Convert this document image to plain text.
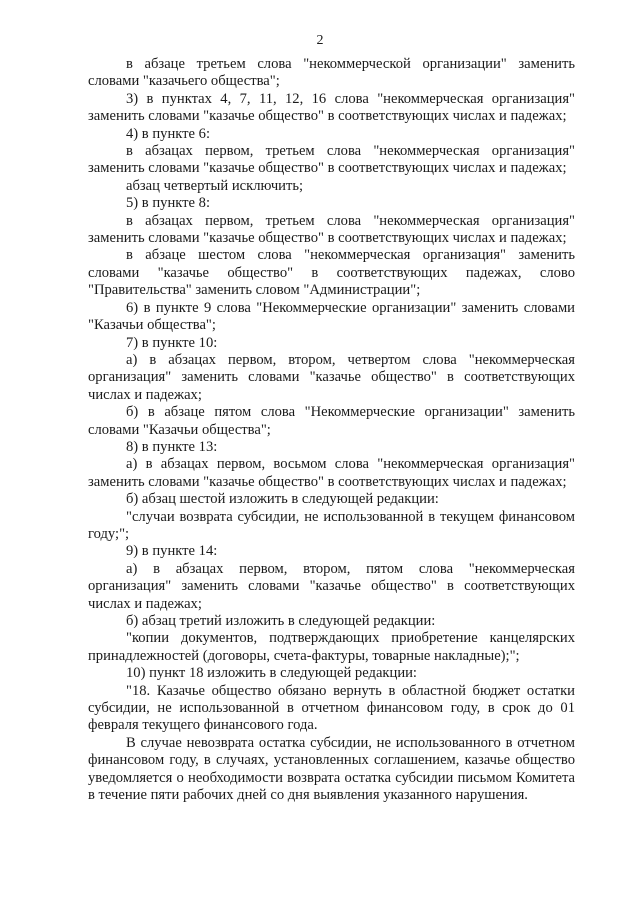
2

в абзаце третьем слова "некоммерческой организации" заменить словами "казачьего общества";

3) в пунктах 4, 7, 11, 12, 16 слова "некоммерческая организация" заменить словами "казачье общество" в соответствующих числах и падежах;

4) в пункте 6:

в абзацах первом, третьем слова "некоммерческая организация" заменить словами "казачье общество" в соответствующих числах и падежах;

абзац четвертый исключить;

5) в пункте 8:

в абзацах первом, третьем слова "некоммерческая организация" заменить словами "казачье общество" в соответствующих числах и падежах;

в абзаце шестом слова "некоммерческая организация" заменить словами "казачье общество" в соответствующих падежах, слово "Правительства" заменить словом "Администрации";

6) в пункте 9 слова "Некоммерческие организации" заменить словами "Казачьи общества";

7) в пункте 10:

а) в абзацах первом, втором, четвертом слова "некоммерческая организация" заменить словами "казачье общество" в соответствующих числах и падежах;

б) в абзаце пятом слова "Некоммерческие организации" заменить словами "Казачьи общества";

8) в пункте 13:

а) в абзацах первом, восьмом слова "некоммерческая организация" заменить словами "казачье общество" в соответствующих числах и падежах;

б) абзац шестой изложить в следующей редакции:

"случаи возврата субсидии, не использованной в текущем финансовом году;";

9) в пункте 14:

а) в абзацах первом, втором, пятом слова "некоммерческая организация" заменить словами "казачье общество" в соответствующих числах и падежах;

б) абзац третий изложить в следующей редакции:

"копии документов, подтверждающих приобретение канцелярских принадлежностей (договоры, счета-фактуры, товарные накладные);";

10) пункт 18 изложить в следующей редакции:

"18. Казачье общество обязано вернуть в областной бюджет остатки субсидии, не использованной в отчетном финансовом году, в срок до 01 февраля текущего финансового года.

В случае невозврата остатка субсидии, не использованного в отчетном финансовом году, в случаях, установленных соглашением, казачье общество уведомляется о необходимости возврата остатка субсидии письмом Комитета в течение пяти рабочих дней со дня выявления указанного нарушения.
